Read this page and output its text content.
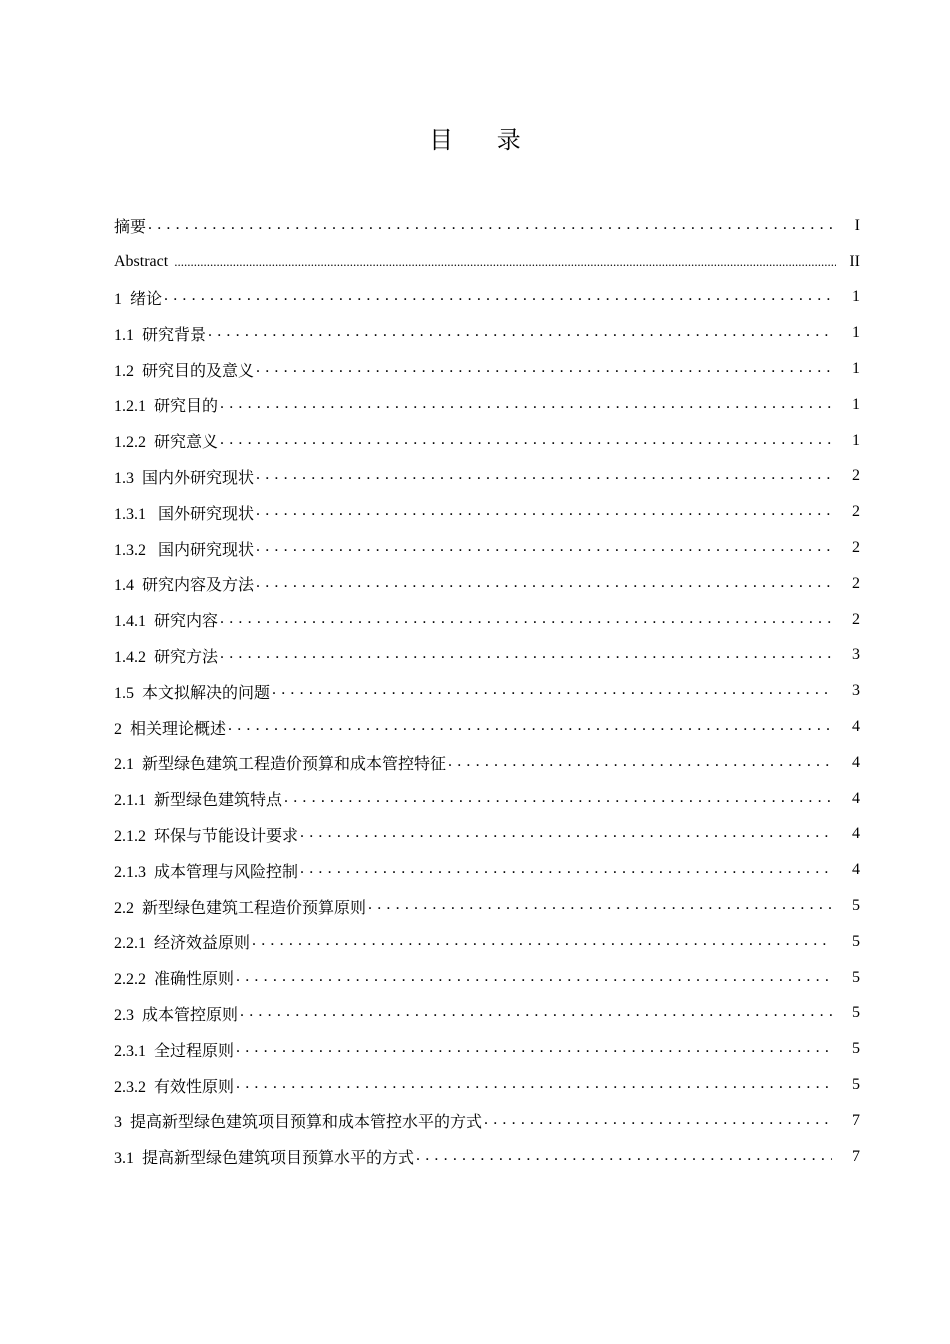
目 录
摘要 . . .	I
Abstract .....	II
1  绪论 . . .	1
1.1  研究背景 . . .	1
1.2  研究目的及意义 . . .	1
1.2.1  研究目的 . . .	1
1.2.2  研究意义 . . .	1
1.3  国内外研究现状 . . .	2
1.3.1   国外研究现状 . . .	2
1.3.2   国内研究现状 . . .	2
1.4  研究内容及方法 . . .	2
1.4.1  研究内容 . . .	2
1.4.2  研究方法 . . .	3
1.5  本文拟解决的问题 . . .	3
2  相关理论概述 . . .	4
2.1  新型绿色建筑工程造价预算和成本管控特征 . . .	4
2.1.1  新型绿色建筑特点 . . .	4
2.1.2  环保与节能设计要求 . . .	4
2.1.3  成本管理与风险控制 . . .	4
2.2  新型绿色建筑工程造价预算原则 . . .	5
2.2.1  经济效益原则 . . .	5
2.2.2  准确性原则 . . .	5
2.3  成本管控原则 . . .	5
2.3.1  全过程原则 . . .	5
2.3.2  有效性原则 . . .	5
3  提高新型绿色建筑项目预算和成本管控水平的方式 . . .	7
3.1  提高新型绿色建筑项目预算水平的方式 . . .	7
